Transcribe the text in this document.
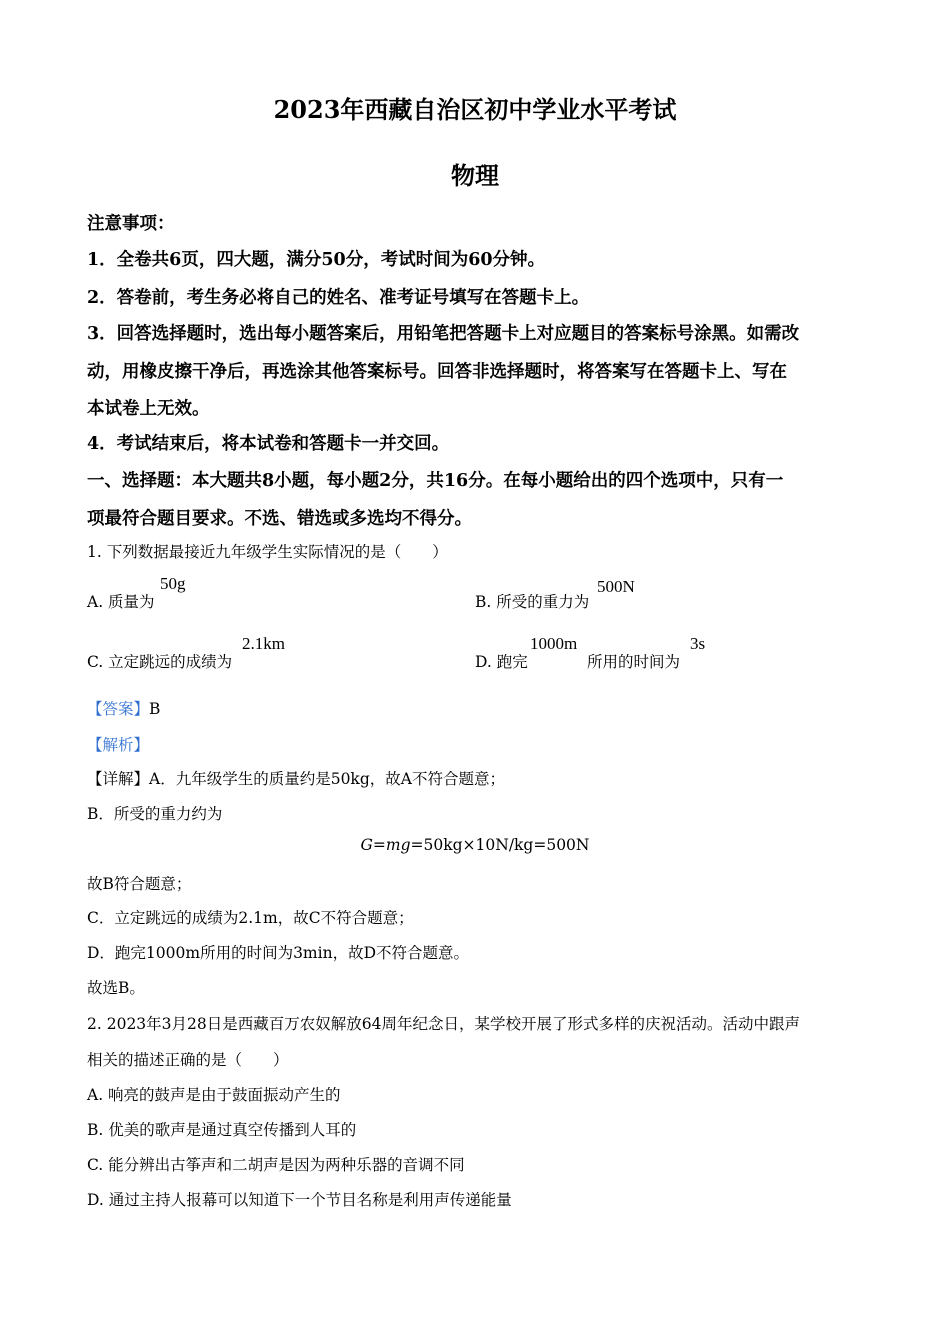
2023年西藏自治区初中学业水平考试
物理
注意事项：
1．全卷共6页，四大题，满分50分，考试时间为60分钟。
2．答卷前，考生务必将自己的姓名、准考证号填写在答题卡上。
3．回答选择题时，选出每小题答案后，用铅笔把答题卡上对应题目的答案标号涂黑。如需改
动，用橡皮擦干净后，再选涂其他答案标号。回答非选择题时，将答案写在答题卡上、写在
本试卷上无效。
4．考试结束后，将本试卷和答题卡一并交回。
一、选择题：本大题共8小题，每小题2分，共16分。在每小题给出的四个选项中，只有一
项最符合题目要求。不选、错选或多选均不得分。
1. 下列数据最接近九年级学生实际情况的是（　　）
A. 质量为
50g
B. 所受的重力为
500N
C. 立定跳远的成绩为
2.1km
D. 跑完
1000m
所用的时间为
3s
【答案】B
【解析】
【详解】A．九年级学生的质量约是50kg，故A不符合题意；
B．所受的重力约为
G=mg=50kg×10N/kg=500N
故B符合题意；
C．立定跳远的成绩为2.1m，故C不符合题意；
D．跑完1000m所用的时间为3min，故D不符合题意。
故选B。
2. 2023年3月28日是西藏百万农奴解放64周年纪念日，某学校开展了形式多样的庆祝活动。活动中跟声
相关的描述正确的是（　　）
A. 响亮的鼓声是由于鼓面振动产生的
B. 优美的歌声是通过真空传播到人耳的
C. 能分辨出古筝声和二胡声是因为两种乐器的音调不同
D. 通过主持人报幕可以知道下一个节目名称是利用声传递能量
